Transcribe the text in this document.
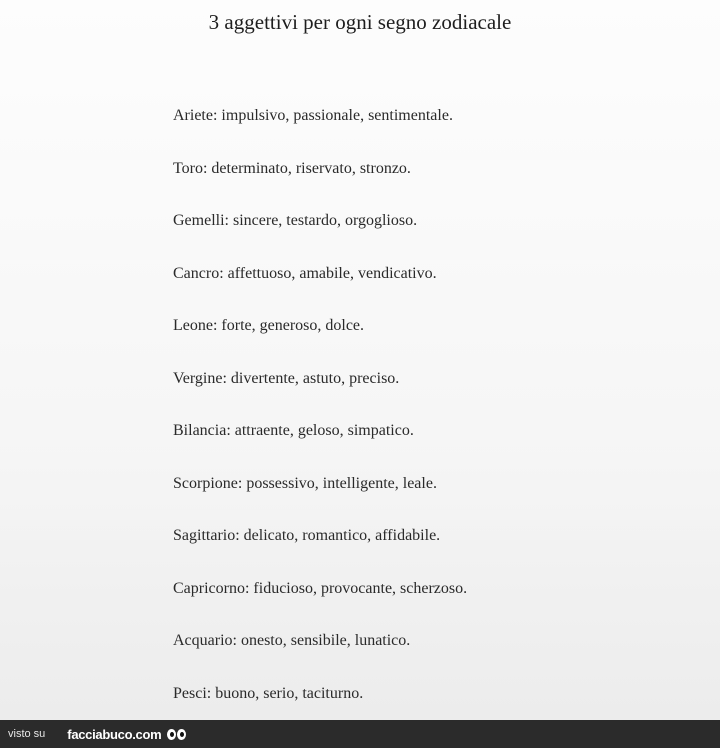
3 aggettivi per ogni segno zodiacale
Ariete: impulsivo, passionale, sentimentale.
Toro: determinato, riservato, stronzo.
Gemelli: sincere, testardo, orgoglioso.
Cancro: affettuoso, amabile, vendicativo.
Leone: forte, generoso, dolce.
Vergine: divertente, astuto, preciso.
Bilancia: attraente, geloso, simpatico.
Scorpione: possessivo, intelligente, leale.
Sagittario: delicato, romantico, affidabile.
Capricorno: fiducioso, provocante, scherzoso.
Acquario: onesto, sensibile, lunatico.
Pesci: buono, serio, taciturno.
visto su facciabuco.com
